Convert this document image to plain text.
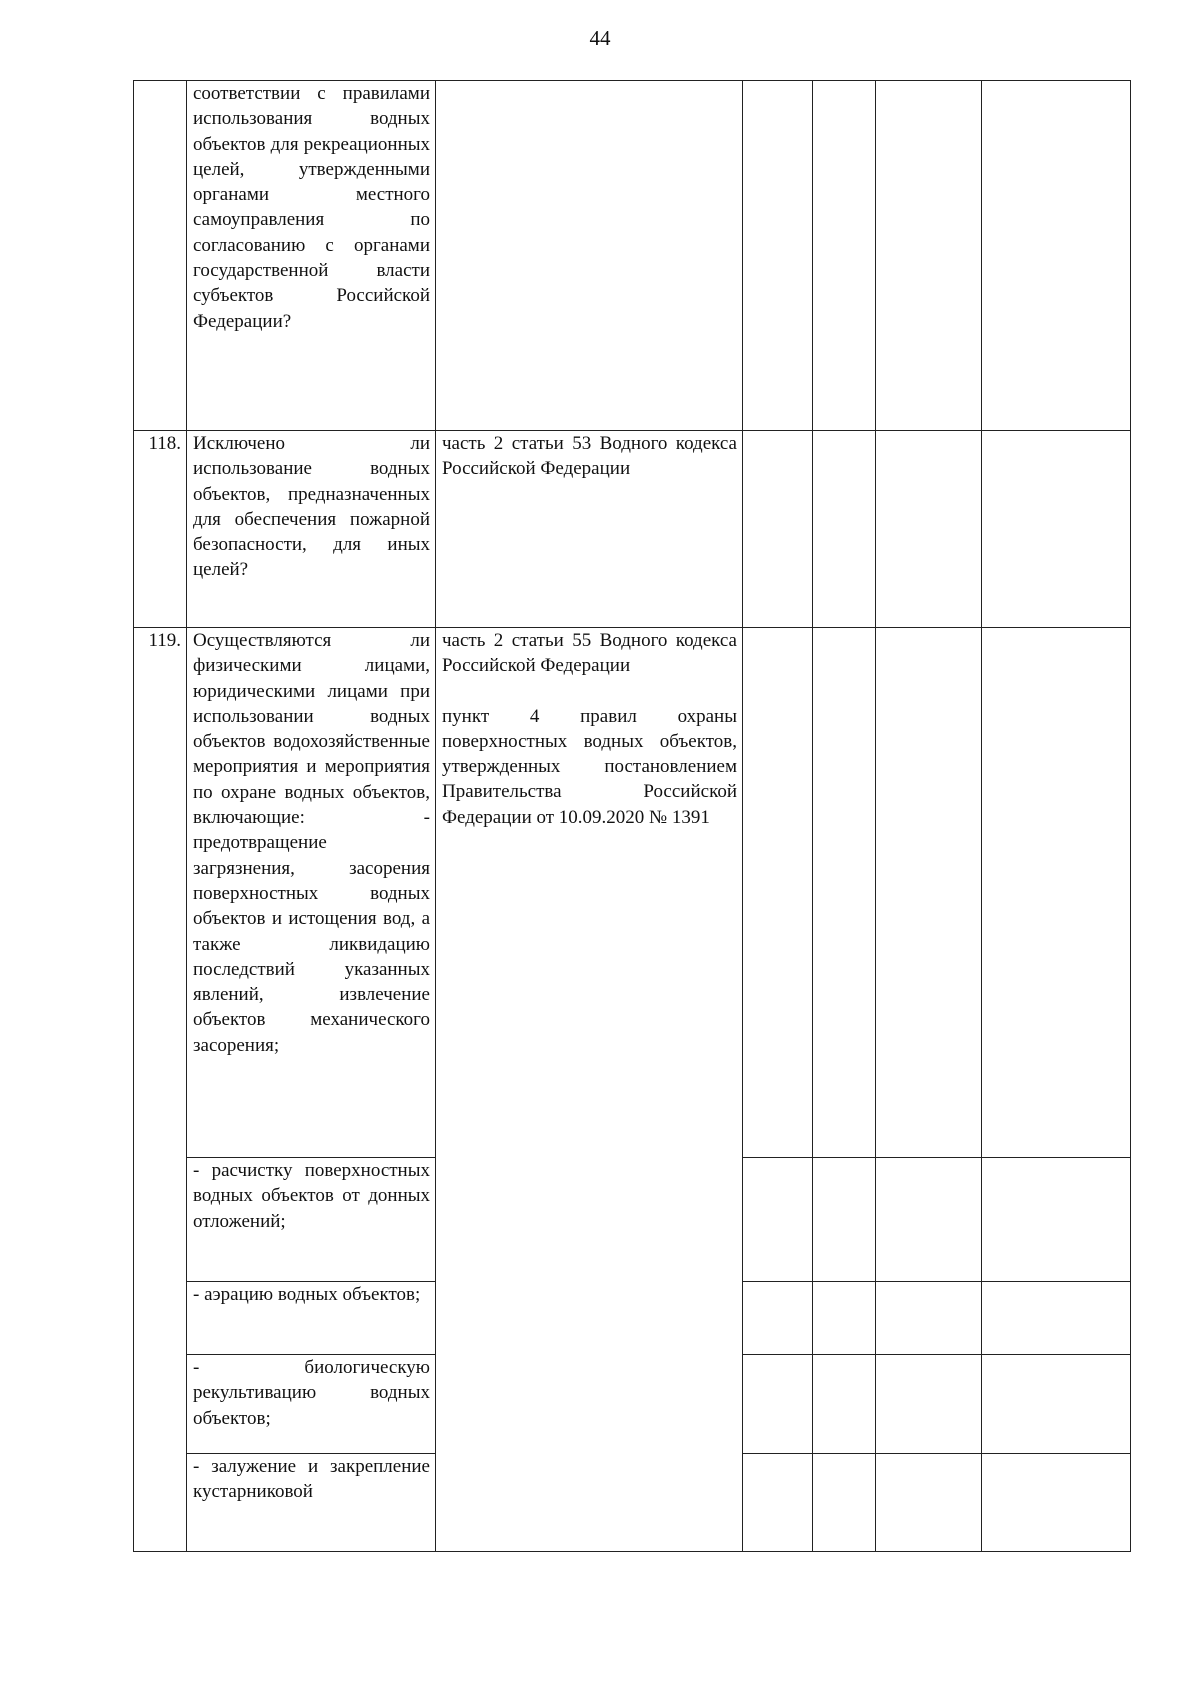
44

	соответствии с правилами использования водных объектов для рекреационных целей, утвержденными органами местного самоуправления по согласованию с органами государственной власти субъектов Российской Федерации?					

118.	Исключено ли использование водных объектов, предназначенных для обеспечения пожарной безопасности, для иных целей?	часть 2 статьи 53 Водного кодекса Российской Федерации				

119.	Осуществляются ли физическими лицами, юридическими лицами при использовании водных объектов водохозяйственные мероприятия и мероприятия по охране водных объектов, включающие: - предотвращение загрязнения, засорения поверхностных водных объектов и истощения вод, а также ликвидацию последствий указанных явлений, извлечение объектов механического засорения;	часть 2 статьи 55 Водного кодекса Российской Федерации
пункт 4 правил охраны поверхностных водных объектов, утвержденных постановлением Правительства Российской Федерации от 10.09.2020 № 1391				

	- расчистку поверхностных водных объектов от донных отложений;					

	- аэрацию водных объектов;					

	- биологическую рекультивацию водных объектов;					

	- залужение и закрепление кустарниковой					
